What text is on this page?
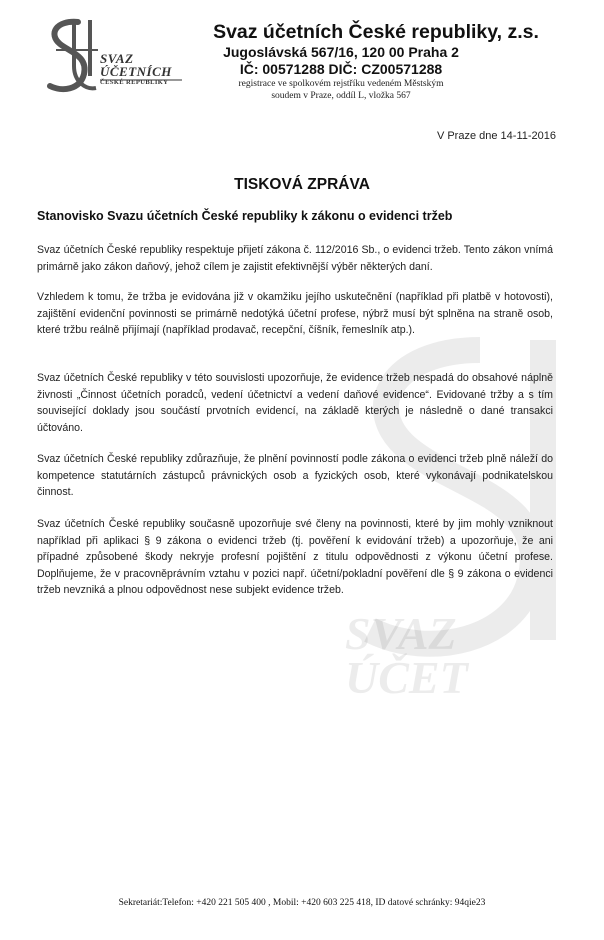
SVAZ
ÚČET
SVAZ
ÚČETNÍCH
ČESKÉ REPUBLIKY
Svaz účetních České republiky, z.s.
Jugoslávská 567/16, 120 00 Praha 2
IČ: 00571288 DIČ: CZ00571288
registrace ve spolkovém rejstříku vedeném Městským
soudem v Praze, oddíl L, vložka 567
V Praze dne 14-11-2016
TISKOVÁ ZPRÁVA
Stanovisko Svazu účetních České republiky k zákonu o evidenci tržeb

Svaz účetních České republiky respektuje přijetí zákona č. 112/2016 Sb., o evidenci tržeb. Tento zákon vnímá primárně jako zákon daňový, jehož cílem je zajistit efektivnější výběr některých daní.

Vzhledem k tomu, že tržba je evidována již v okamžiku jejího uskutečnění (například při platbě v hotovosti), zajištění evidenční povinnosti se primárně nedotýká účetní profese, nýbrž musí být splněna na straně osob, které tržbu reálně přijímají (například prodavač, recepční, číšník, řemeslník atp.).

Svaz účetních České republiky v této souvislosti upozorňuje, že evidence tržeb nespadá do obsahové náplně živnosti „Činnost účetních poradců, vedení účetnictví a vedení daňové evidence“. Evidované tržby a s tím související doklady jsou součástí prvotních evidencí, na základě kterých je následně o dané transakci účtováno.

Svaz účetních České republiky zdůrazňuje, že plnění povinností podle zákona o evidenci tržeb plně náleží do kompetence statutárních zástupců právnických osob a fyzických osob, které vykonávají podnikatelskou činnost.

Svaz účetních České republiky současně upozorňuje své členy na povinnosti, které by jim mohly vzniknout například při aplikaci § 9 zákona o evidenci tržeb (tj. pověření k evidování tržeb) a upozorňuje, že ani případné způsobené škody nekryje profesní pojištění z titulu odpovědnosti z výkonu účetní profese. Doplňujeme, že v pracovněprávním vztahu v pozici např. účetní/pokladní pověření dle § 9 zákona o evidenci tržeb nevzniká a plnou odpovědnost nese subjekt evidence tržeb.

Sekretariát:Telefon: +420 221 505 400 , Mobil: +420 603 225 418, ID datové schránky: 94qie23
